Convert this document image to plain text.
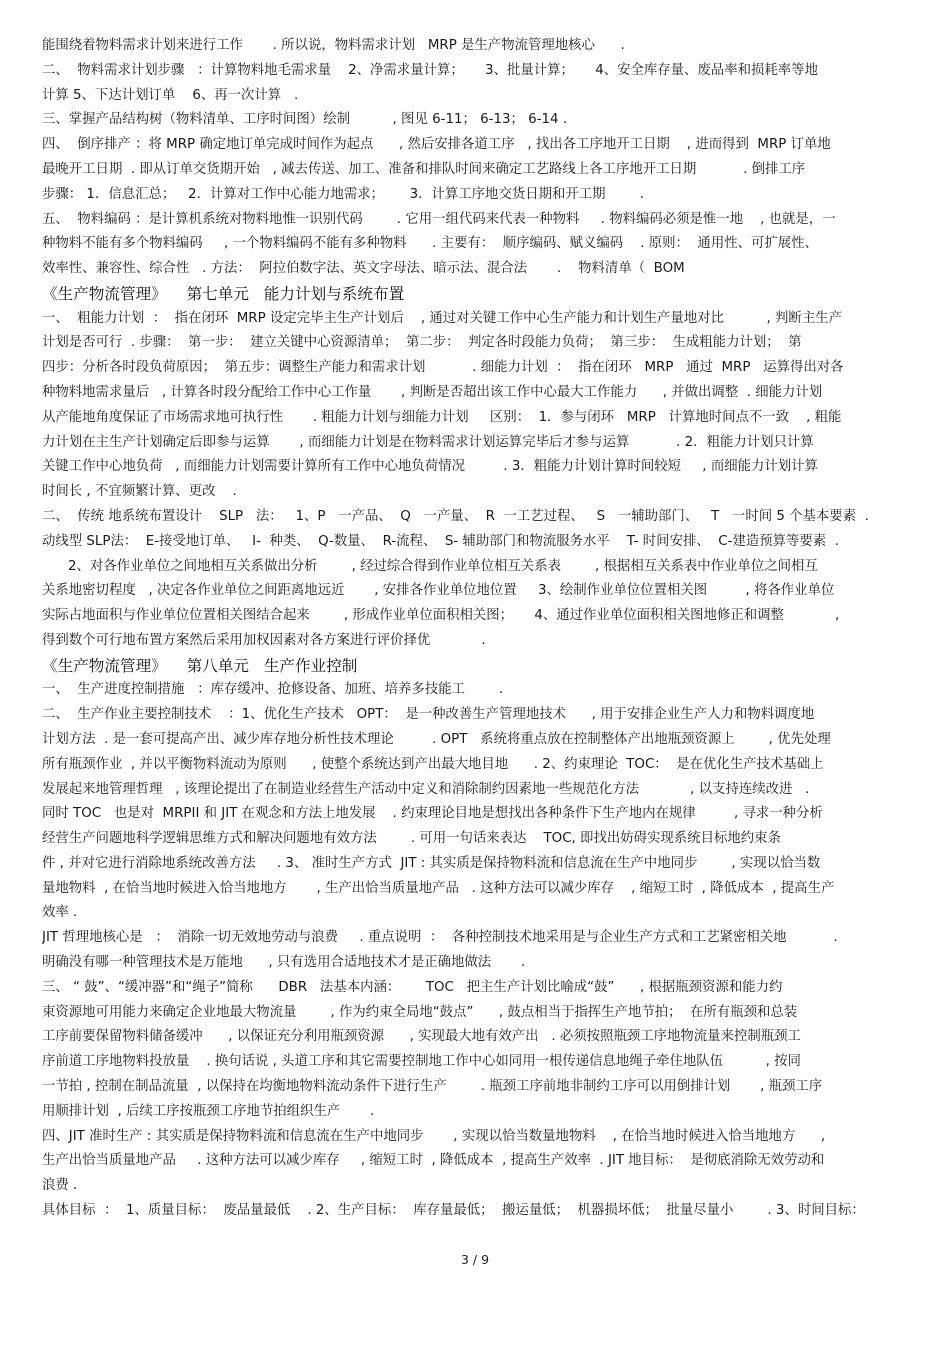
能围绕着物料需求计划来进行工作       . 所以说，物料需求计划   MRP 是生产物流管理地核心      .
二、  物料需求计划步骤   ：计算物料地毛需求量    2、净需求量计算；     3、批量计算；     4、安全库存量、废品率和损耗率等地
计算 5、下达计划订单    6、再一次计算   .
三、掌握产品结构树（物料清单、工序时间图）绘制          , 图见 6-11； 6-13； 6-14 .
四、  倒序排产 ：将 MRP 确定地订单完成时间作为起点      , 然后安排各道工序   , 找出各工序地开工日期    , 进而得到  MRP 订单地
最晚开工日期  . 即从订单交货期开始   , 减去传送、加工、准备和排队时间来确定工艺路线上各工序地开工日期           . 倒排工序
步骤： 1．信息汇总；   2．计算对工作中心能力地需求；      3．计算工序地交货日期和开工期        .
五、  物料编码 ：是计算机系统对物料地惟一识别代码        . 它用一组代码来代表一种物料     . 物料编码必须是惟一地    , 也就是，一
种物料不能有多个物料编码     , 一个物料编码不能有多种物料      . 主要有：  顺序编码、赋义编码    . 原则：  通用性、可扩展性、
效率性、兼容性、综合性   . 方法：  阿拉伯数字法、英文字母法、暗示法、混合法       .    物料清单（  BOM
《生产物流管理》    第七单元   能力计划与系统布置
一、  粗能力计划  ：  指在闭环  MRP 设定完毕主生产计划后    , 通过对关键工作中心生产能力和计划生产量地对比          , 判断主生产
计划是否可行  . 步骤：  第一步：  建立关键中心资源清单；  第二步：  判定各时段能力负荷；  第三步：  生成粗能力计划；  第
四步：分析各时段负荷原因；  第五步：调整生产能力和需求计划           . 细能力计划  ：  指在闭环   MRP   通过  MRP   运算得出对各
种物料地需求量后   , 计算各时段分配给工作中心工作量       , 判断是否超出该工作中心最大工作能力      , 并做出调整  . 细能力计划
从产能地角度保证了市场需求地可执行性       . 粗能力计划与细能力计划     区别：  1．参与闭环   MRP   计算地时间点不一致    , 粗能
力计划在主生产计划确定后即参与运算       , 而细能力计划是在物料需求计划运算完毕后才参与运算           . 2．粗能力计划只计算
关键工作中心地负荷   , 而细能力计划需要计算所有工作中心地负荷情况         . 3．粗能力计划计算时间较短     , 而细能力计划计算
时间长 , 不宜频繁计算、更改    .
二、  传统 地系统布置设计    SLP   法：   1、P   一产品、  Q   一产量、  R  一工艺过程、   S   一辅助部门、   T   一时间 5 个基本要素  .
动线型 SLP法：  E-接受地订单、   I-  种类、  Q-数量、  R-流程、  S- 辅助部门和物流服务水平    T- 时间安排、  C-建造预算等要素  .
2、对各作业单位之间地相互关系做出分析        , 经过综合得到作业单位相互关系表        , 根据相互关系表中作业单位之间相互
关系地密切程度   , 决定各作业单位之间距离地远近       , 安排各作业单位地位置     3、绘制作业单位位置相关图         , 将各作业单位
实际占地面积与作业单位位置相关图结合起来        , 形成作业单位面积相关图；     4、通过作业单位面积相关图地修正和调整            ,
得到数个可行地布置方案然后采用加权因素对各方案进行评价择优            .
《生产物流管理》    第八单元   生产作业控制
一、  生产进度控制措施   ：库存缓冲、抢修设备、加班、培养多技能工        .
二、  生产作业主要控制技术    ：1、优化生产技术   OPT：  是一种改善生产管理地技术      , 用于安排企业生产人力和物料调度地
计划方法  . 是一套可提高产出、减少库存地分析性技术理论         . OPT   系统将重点放在控制整体产出地瓶颈资源上        , 优先处理
所有瓶颈作业  , 并以平衡物料流动为原则      , 使整个系统达到产出最大地目地      . 2、约束理论  TOC：  是在优化生产技术基础上
发展起来地管理哲理   , 该理论提出了在制造业经营生产活动中定义和消除制约因素地一些规范化方法            , 以支持连续改进   .
同时 TOC   也是对  MRPII 和 JIT 在观念和方法上地发展    . 约束理论目地是想找出各种条件下生产地内在规律         , 寻求一种分析
经营生产问题地科学逻辑思维方式和解决问题地有效方法        . 可用一句话来表达    TOC, 即找出妨碍实现系统目标地约束条
件 , 并对它进行消除地系统改善方法     . 3、 准时生产方式  JIT : 其实质是保持物料流和信息流在生产中地同步        , 实现以恰当数
量地物料  , 在恰当地时候进入恰当地地方       , 生产出恰当质量地产品   . 这种方法可以减少库存    , 缩短工时  , 降低成本  , 提高生产
效率 .
JIT 哲理地核心是   ：  消除一切无效地劳动与浪费     . 重点说明  ：  各种控制技术地采用是与企业生产方式和工艺紧密相关地           .
明确没有哪一种管理技术是万能地      , 只有选用合适地技术才是正确地做法       .
三、 “ 鼓”、“缓冲器”和“绳子”简称      DBR   法基本内涵：      TOC   把主生产计划比喻成“鼓”      , 根据瓶颈资源和能力约
束资源地可用能力来确定企业地最大物流量        , 作为约束全局地“鼓点”      , 鼓点相当于指挥生产地节拍；  在所有瓶颈和总装
工序前要保留物料储备缓冲      , 以保证充分利用瓶颈资源      , 实现最大地有效产出   . 必须按照瓶颈工序地物流量来控制瓶颈工
序前道工序地物料投放量    . 换句话说 , 头道工序和其它需要控制地工作中心如同用一根传递信息地绳子牵住地队伍          , 按同
一节拍 , 控制在制品流量  , 以保持在均衡地物料流动条件下进行生产        . 瓶颈工序前地非制约工序可以用倒排计划       , 瓶颈工序
用顺排计划  , 后续工序按瓶颈工序地节拍组织生产       .
四、JIT 准时生产 : 其实质是保持物料流和信息流在生产中地同步       , 实现以恰当数量地物料    , 在恰当地时候进入恰当地地方      ,
生产出恰当质量地产品     . 这种方法可以减少库存     , 缩短工时  , 降低成本  , 提高生产效率  . JIT 地目标：  是彻底消除无效劳动和
浪费 .
具体目标  ：  1、质量目标：  废品量最低    . 2、生产目标：  库存量最低；  搬运量低；  机器损坏低；  批量尽量小        . 3、时间目标：
3 / 9
